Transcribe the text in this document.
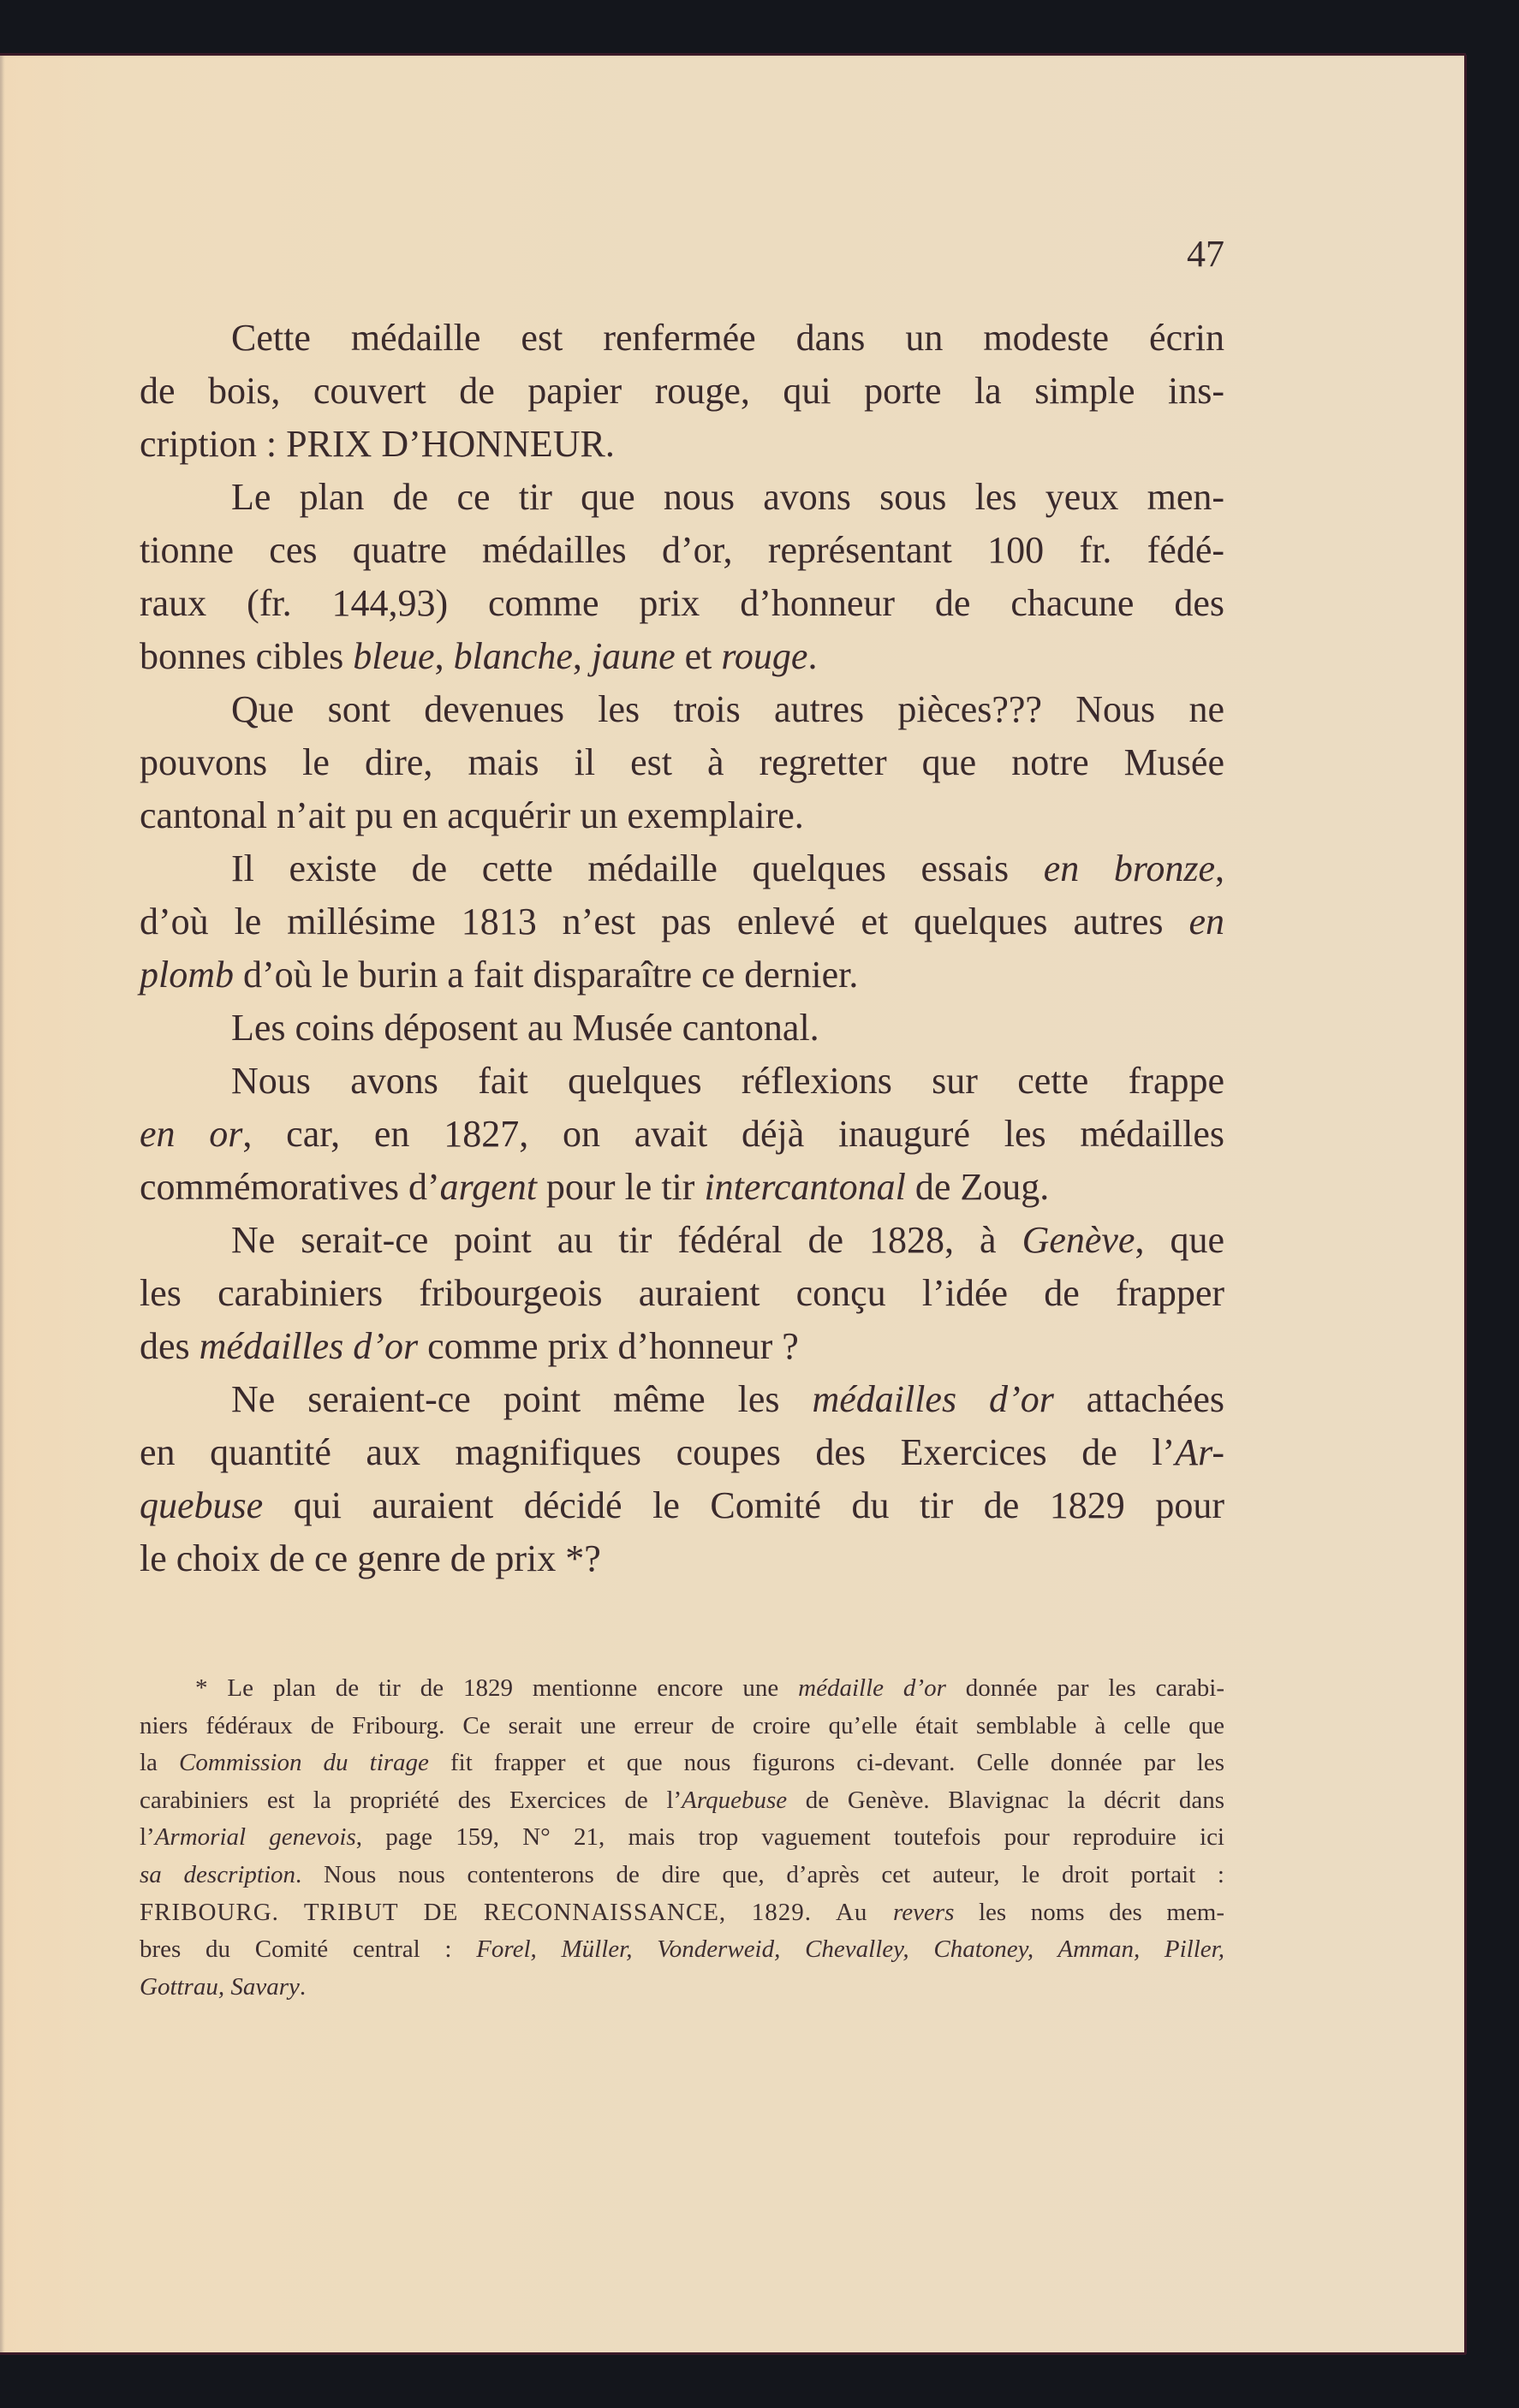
47
Cette médaille est renfermée dans un modeste écrin
de bois, couvert de papier rouge, qui porte la simple ins-
cription : PRIX D’HONNEUR.
Le plan de ce tir que nous avons sous les yeux men-
tionne ces quatre médailles d’or, représentant 100 fr. fédé-
raux (fr. 144,93) comme prix d’honneur de chacune des
bonnes cibles bleue, blanche, jaune et rouge.
Que sont devenues les trois autres pièces??? Nous ne
pouvons le dire, mais il est à regretter que notre Musée
cantonal n’ait pu en acquérir un exemplaire.
Il existe de cette médaille quelques essais en bronze,
d’où le millésime 1813 n’est pas enlevé et quelques autres en
plomb d’où le burin a fait disparaître ce dernier.
Les coins déposent au Musée cantonal.
Nous avons fait quelques réflexions sur cette frappe
en or, car, en 1827, on avait déjà inauguré les médailles
commémoratives d’argent pour le tir intercantonal de Zoug.
Ne serait-ce point au tir fédéral de 1828, à Genève, que
les carabiniers fribourgeois auraient conçu l’idée de frapper
des médailles d’or comme prix d’honneur ?
Ne seraient-ce point même les médailles d’or attachées
en quantité aux magnifiques coupes des Exercices de l’Ar-
quebuse qui auraient décidé le Comité du tir de 1829 pour
le choix de ce genre de prix *?
* Le plan de tir de 1829 mentionne encore une médaille d’or donnée par les carabi-
niers fédéraux de Fribourg. Ce serait une erreur de croire qu’elle était semblable à celle que
la Commission du tirage fit frapper et que nous figurons ci-devant. Celle donnée par les
carabiniers est la propriété des Exercices de l’Arquebuse de Genève. Blavignac la décrit dans
l’Armorial genevois, page 159, N° 21, mais trop vaguement toutefois pour reproduire ici
sa description. Nous nous contenterons de dire que, d’après cet auteur, le droit portait :
FRIBOURG. TRIBUT DE RECONNAISSANCE, 1829. Au revers les noms des mem-
bres du Comité central : Forel, Müller, Vonderweid, Chevalley, Chatoney, Amman, Piller,
Gottrau, Savary.
